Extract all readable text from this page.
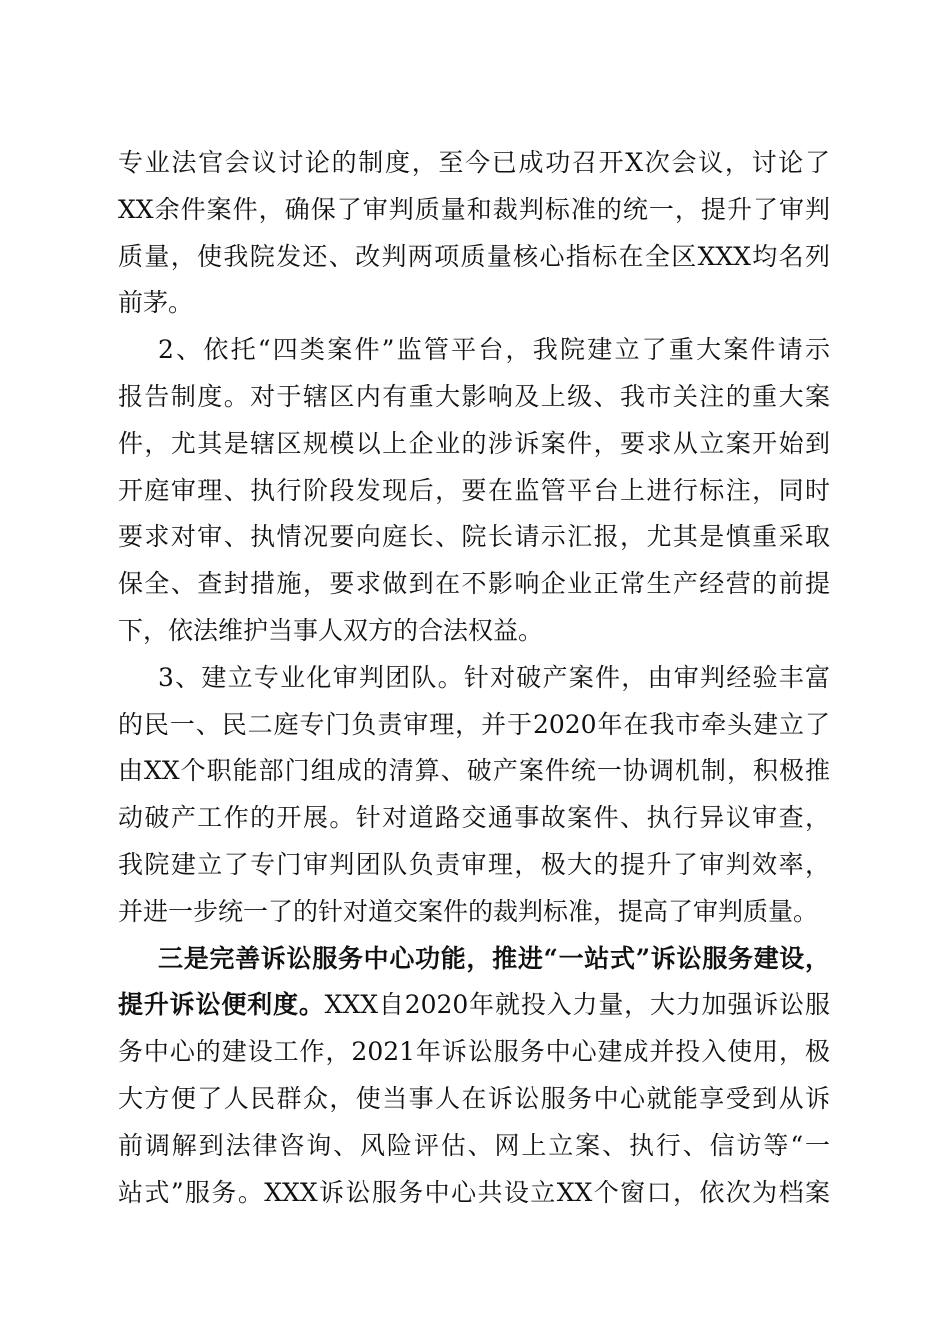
专业法官会议讨论的制度，至今已成功召开X次会议，讨论了
XX余件案件，确保了审判质量和裁判标准的统一，提升了审判
质量，使我院发还、改判两项质量核心指标在全区XXX均名列
前茅。
2、依托“四类案件”监管平台，我院建立了重大案件请示
报告制度。对于辖区内有重大影响及上级、我市关注的重大案
件，尤其是辖区规模以上企业的涉诉案件，要求从立案开始到
开庭审理、执行阶段发现后，要在监管平台上进行标注，同时
要求对审、执情况要向庭长、院长请示汇报，尤其是慎重采取
保全、查封措施，要求做到在不影响企业正常生产经营的前提
下，依法维护当事人双方的合法权益。
3、建立专业化审判团队。针对破产案件，由审判经验丰富
的民一、民二庭专门负责审理，并于2020年在我市牵头建立了
由XX个职能部门组成的清算、破产案件统一协调机制，积极推
动破产工作的开展。针对道路交通事故案件、执行异议审查，
我院建立了专门审判团队负责审理，极大的提升了审判效率，
并进一步统一了的针对道交案件的裁判标准，提高了审判质量。
三是完善诉讼服务中心功能，推进“一站式”诉讼服务建设，
提升诉讼便利度。XXX自2020年就投入力量，大力加强诉讼服
务中心的建设工作，2021年诉讼服务中心建成并投入使用，极
大方便了人民群众，使当事人在诉讼服务中心就能享受到从诉
前调解到法律咨询、风险评估、网上立案、执行、信访等“一
站式”服务。XXX诉讼服务中心共设立XX个窗口，依次为档案
